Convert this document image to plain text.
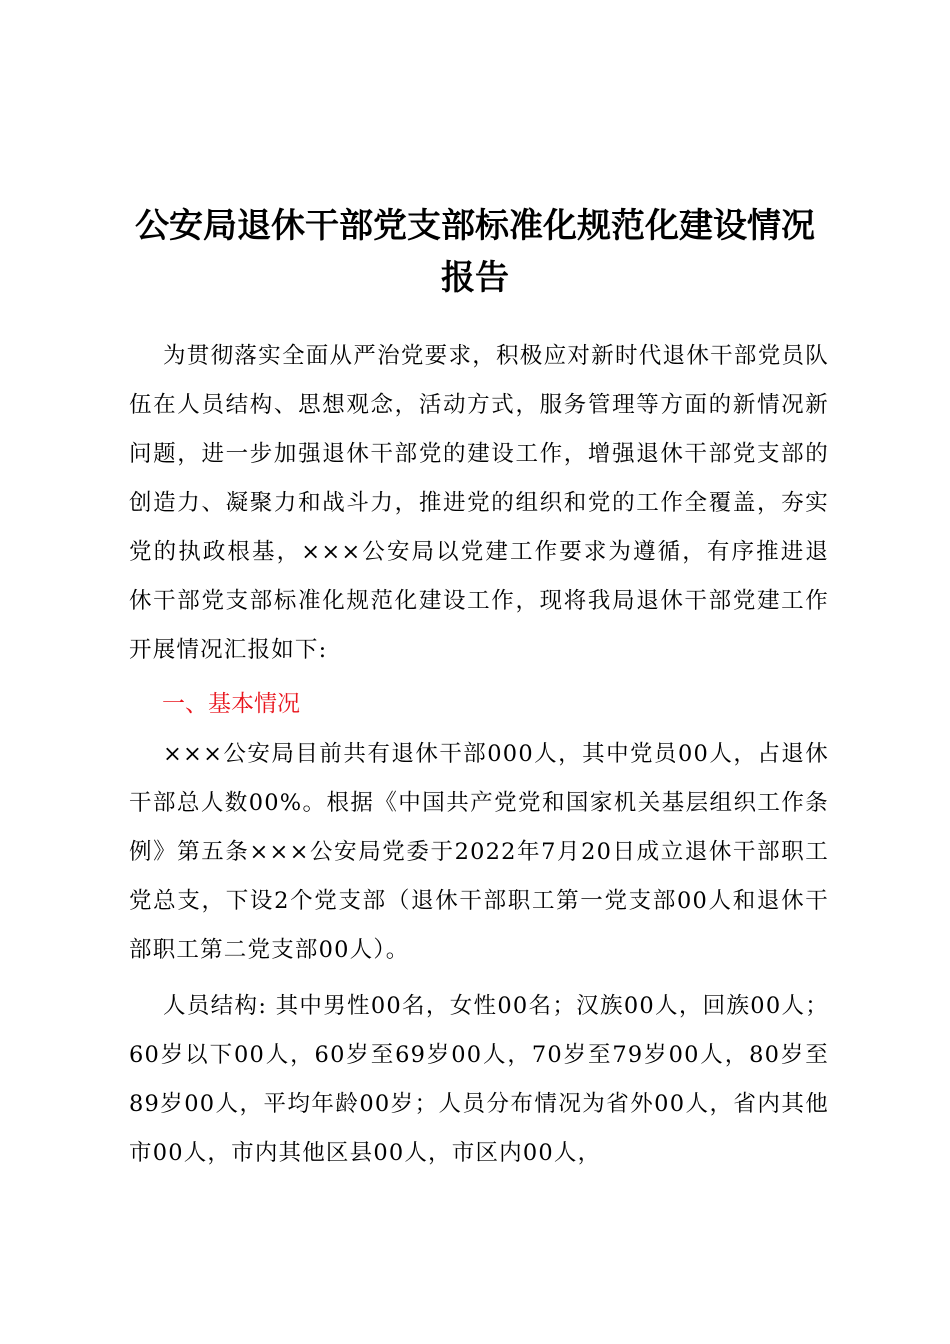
公安局退休干部党支部标准化规范化建设情况
报告

为贯彻落实全面从严治党要求，积极应对新时代退休干部党员队伍在人员结构、思想观念，活动方式，服务管理等方面的新情况新问题，进一步加强退休干部党的建设工作，增强退休干部党支部的创造力、凝聚力和战斗力，推进党的组织和党的工作全覆盖，夯实党的执政根基，×××公安局以党建工作要求为遵循，有序推进退休干部党支部标准化规范化建设工作，现将我局退休干部党建工作开展情况汇报如下:

一、基本情况

×××公安局目前共有退休干部000人，其中党员00人，占退休干部总人数00%。根据《中国共产党党和国家机关基层组织工作条例》第五条×××公安局党委于2022年7月20日成立退休干部职工党总支，下设2个党支部（退休干部职工第一党支部00人和退休干部职工第二党支部00人）。

人员结构: 其中男性00名，女性00名；汉族00人，回族00人；60岁以下00人，60岁至69岁00人，70岁至79岁00人，80岁至89岁00人，平均年龄00岁；人员分布情况为省外00人，省内其他市00人，市内其他区县00人，市区内00人，
